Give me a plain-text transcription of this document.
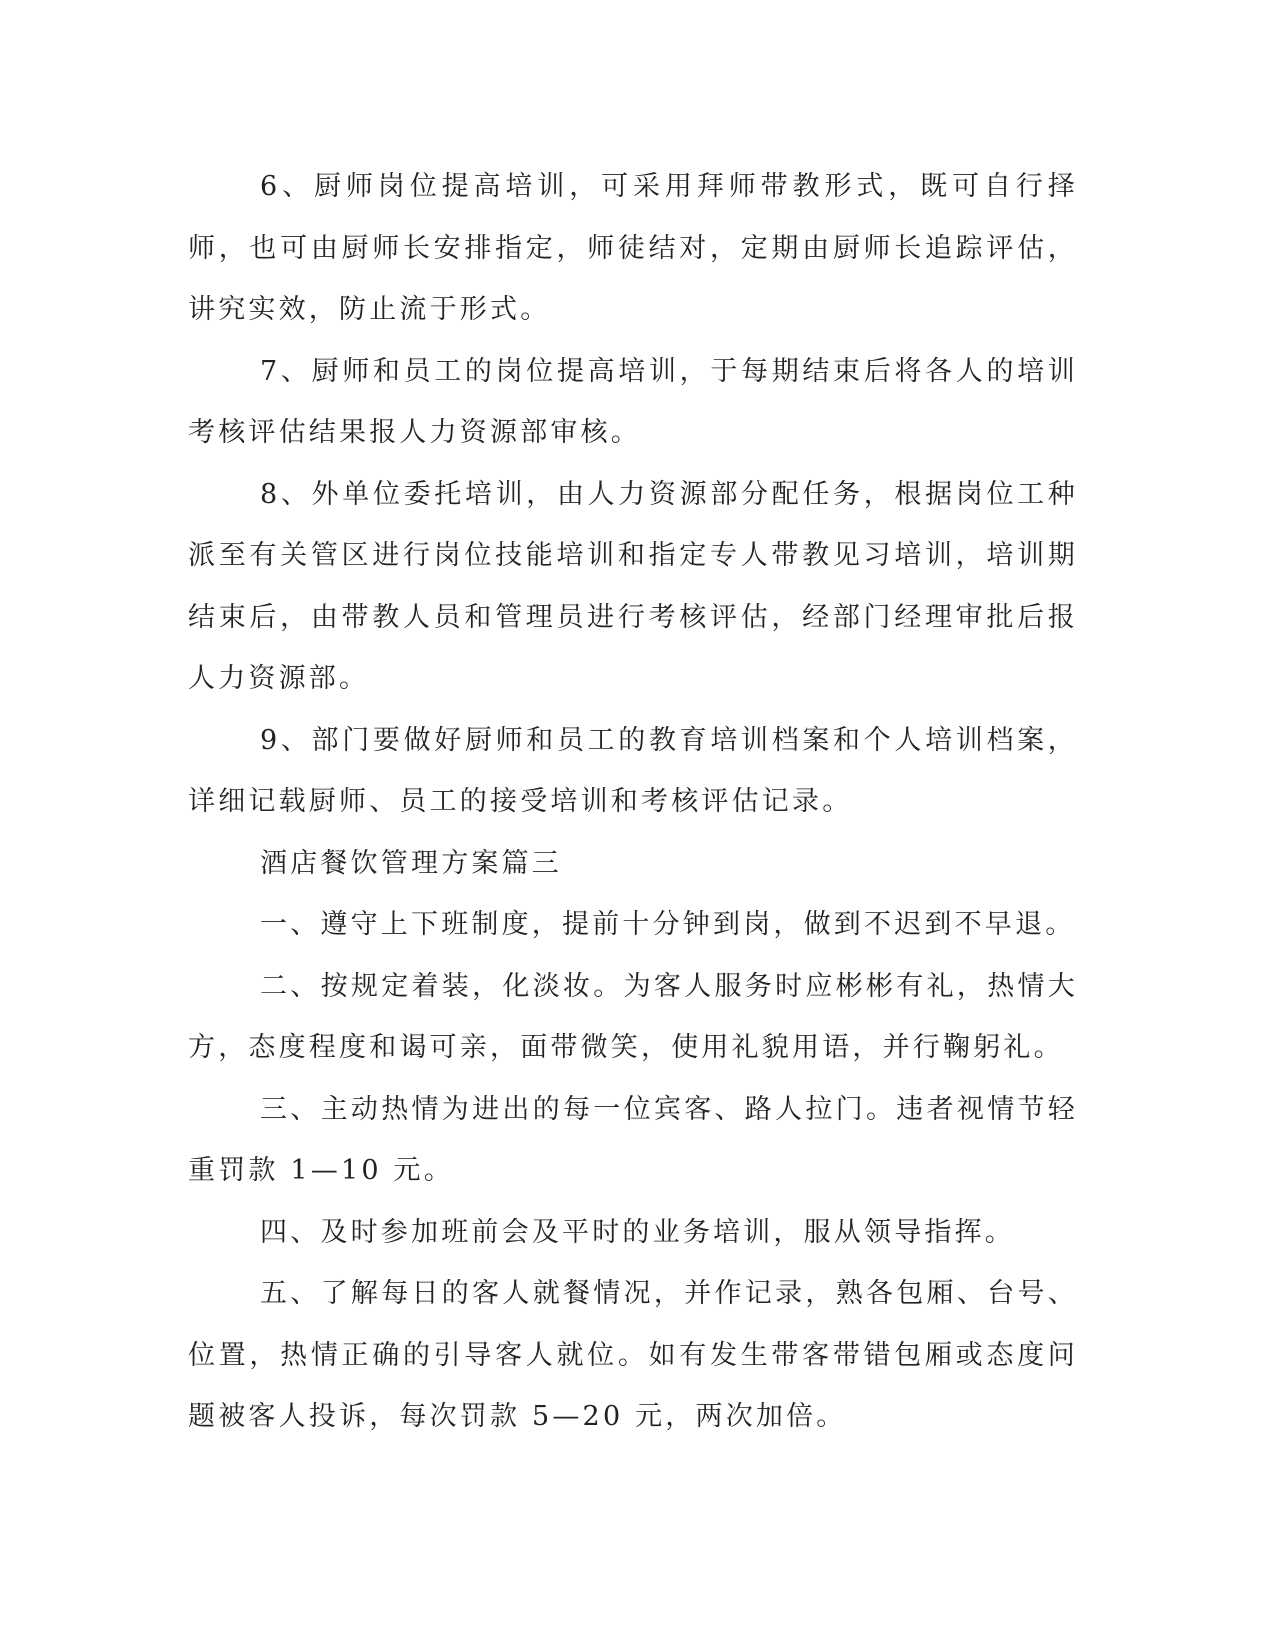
6、厨师岗位提高培训，可采用拜师带教形式，既可自行择师，也可由厨师长安排指定，师徒结对，定期由厨师长追踪评估，讲究实效，防止流于形式。

7、厨师和员工的岗位提高培训，于每期结束后将各人的培训考核评估结果报人力资源部审核。

8、外单位委托培训，由人力资源部分配任务，根据岗位工种派至有关管区进行岗位技能培训和指定专人带教见习培训，培训期结束后，由带教人员和管理员进行考核评估，经部门经理审批后报人力资源部。

9、部门要做好厨师和员工的教育培训档案和个人培训档案，详细记载厨师、员工的接受培训和考核评估记录。

酒店餐饮管理方案篇三

一、遵守上下班制度，提前十分钟到岗，做到不迟到不早退。

二、按规定着装，化淡妆。为客人服务时应彬彬有礼，热情大方，态度程度和谒可亲，面带微笑，使用礼貌用语，并行鞠躬礼。

三、主动热情为进出的每一位宾客、路人拉门。违者视情节轻重罚款 1—10 元。

四、及时参加班前会及平时的业务培训，服从领导指挥。

五、了解每日的客人就餐情况，并作记录，熟各包厢、台号、位置，热情正确的引导客人就位。如有发生带客带错包厢或态度问题被客人投诉，每次罚款 5—20 元，两次加倍。
